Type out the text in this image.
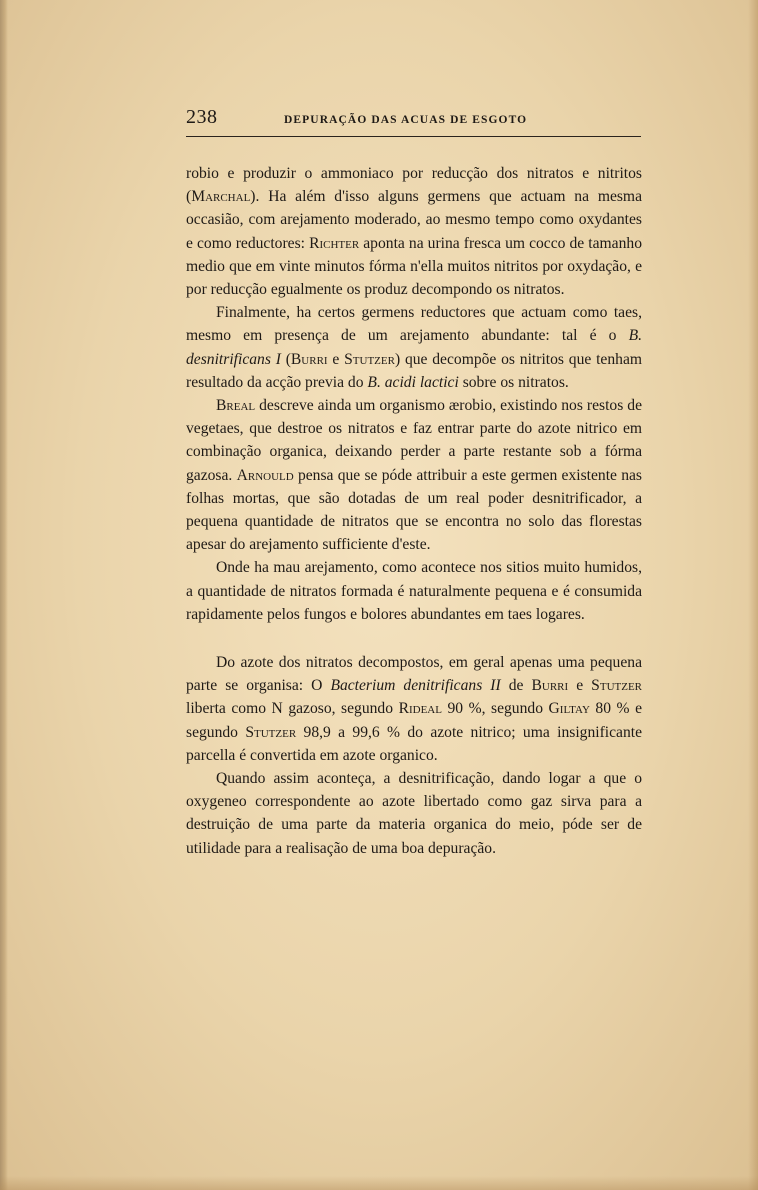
238	DEPURAÇÃO DAS ACUAS DE ESGOTO

robio e produzir o ammoniaco por reducção dos nitratos e nitritos (Marchal). Ha além d'isso alguns germens que actuam na mesma occasião, com arejamento moderado, ao mesmo tempo como oxydantes e como reductores: Richter aponta na urina fresca um cocco de tamanho medio que em vinte minutos fórma n'ella muitos nitritos por oxydação, e por reducção egualmente os produz decompondo os nitratos.

Finalmente, ha certos germens reductores que actuam como taes, mesmo em presença de um arejamento abundante: tal é o B. desnitrificans I (Burri e Stutzer) que decompõe os nitritos que tenham resultado da acção previa do B. acidi lactici sobre os nitratos.

Breal descreve ainda um organismo ærobio, existindo nos restos de vegetaes, que destroe os nitratos e faz entrar parte do azote nitrico em combinação organica, deixando perder a parte restante sob a fórma gazosa. Arnould pensa que se póde attribuir a este germen existente nas folhas mortas, que são dotadas de um real poder desnitrificador, a pequena quantidade de nitratos que se encontra no solo das florestas apesar do arejamento sufficiente d'este.

Onde ha mau arejamento, como acontece nos sitios muito humidos, a quantidade de nitratos formada é naturalmente pequena e é consumida rapidamente pelos fungos e bolores abundantes em taes logares.

Do azote dos nitratos decompostos, em geral apenas uma pequena parte se organisa: O Bacterium denitrificans II de Burri e Stutzer liberta como N gazoso, segundo Rideal 90 %, segundo Giltay 80 % e segundo Stutzer 98,9 a 99,6 % do azote nitrico; uma insignificante parcella é convertida em azote organico.

Quando assim aconteça, a desnitrificação, dando logar a que o oxygeneo correspondente ao azote libertado como gaz sirva para a destruição de uma parte da materia organica do meio, póde ser de utilidade para a realisação de uma boa depuração.
